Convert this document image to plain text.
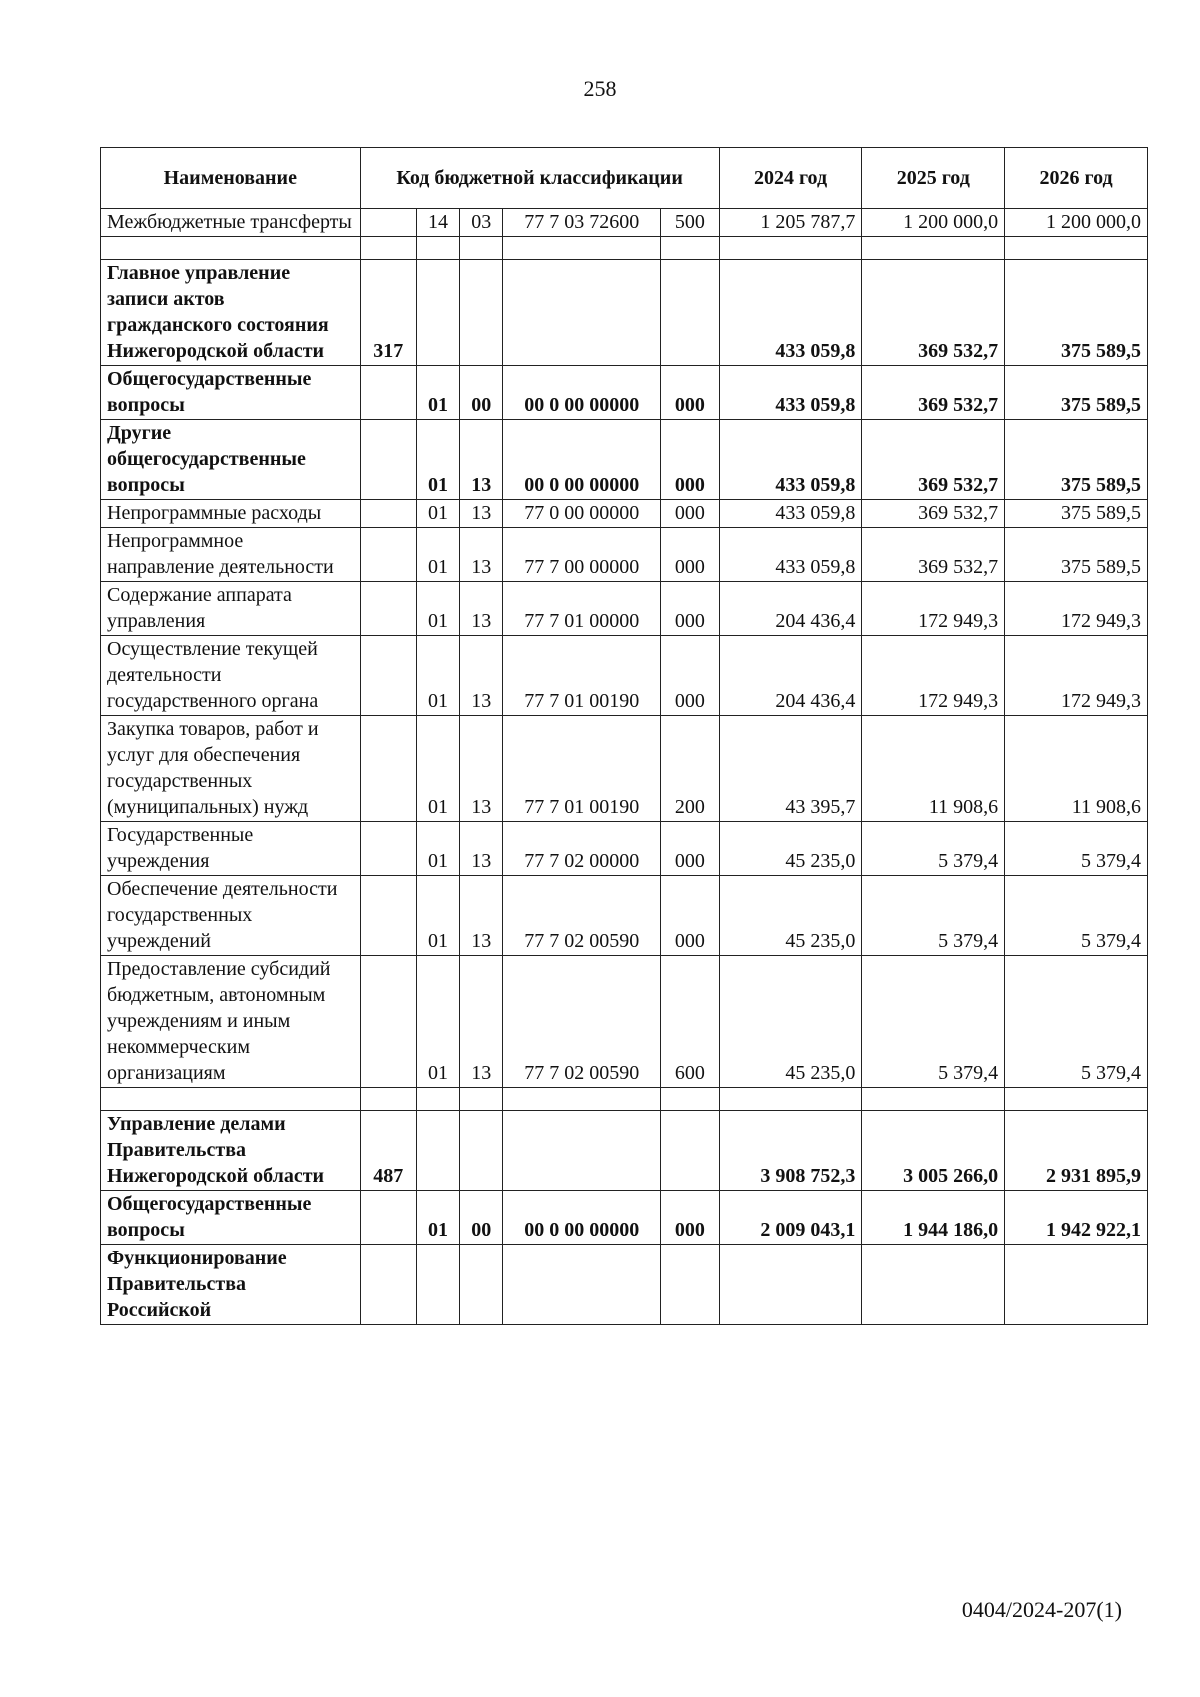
258
Наименование	Код бюджетной классификации					2024 год	2025 год	2026 год
Межбюджетные трансферты		14	03	77 7 03 72600	500	1 205 787,7	1 200 000,0	1 200 000,0

Главное управление записи актов гражданского состояния Нижегородской области	317					433 059,8	369 532,7	375 589,5
Общегосударственные вопросы		01	00	00 0 00 00000	000	433 059,8	369 532,7	375 589,5
Другие общегосударственные вопросы		01	13	00 0 00 00000	000	433 059,8	369 532,7	375 589,5
Непрограммные расходы		01	13	77 0 00 00000	000	433 059,8	369 532,7	375 589,5
Непрограммное направление деятельности		01	13	77 7 00 00000	000	433 059,8	369 532,7	375 589,5
Содержание аппарата управления		01	13	77 7 01 00000	000	204 436,4	172 949,3	172 949,3
Осуществление текущей деятельности государственного органа		01	13	77 7 01 00190	000	204 436,4	172 949,3	172 949,3
Закупка товаров, работ и услуг для обеспечения государственных (муниципальных) нужд		01	13	77 7 01 00190	200	43 395,7	11 908,6	11 908,6
Государственные учреждения		01	13	77 7 02 00000	000	45 235,0	5 379,4	5 379,4
Обеспечение деятельности государственных учреждений		01	13	77 7 02 00590	000	45 235,0	5 379,4	5 379,4
Предоставление субсидий бюджетным, автономным учреждениям и иным некоммерческим организациям		01	13	77 7 02 00590	600	45 235,0	5 379,4	5 379,4

Управление делами Правительства Нижегородской области	487					3 908 752,3	3 005 266,0	2 931 895,9
Общегосударственные вопросы		01	00	00 0 00 00000	000	2 009 043,1	1 944 186,0	1 942 922,1
Функционирование Правительства Российской								
0404/2024-207(1)
